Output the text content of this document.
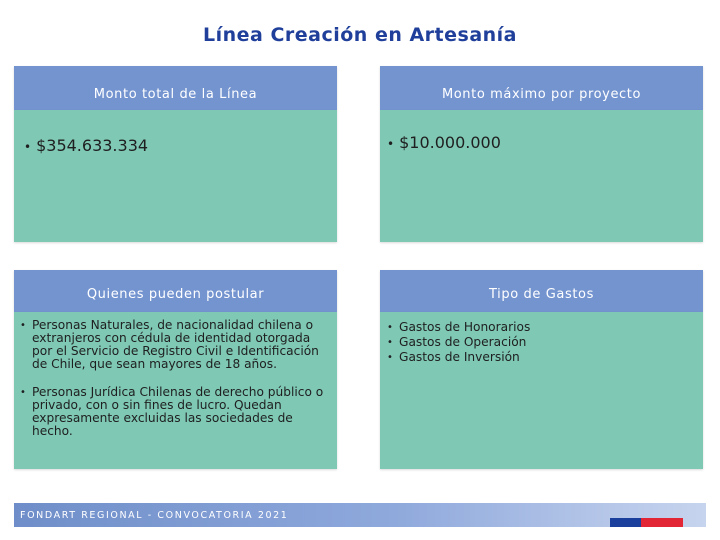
Línea Creación en Artesanía
Monto total de la Línea
• $354.633.334
Monto máximo por proyecto
• $10.000.000
Quienes pueden postular
• Personas Naturales, de nacionalidad chilena o extranjeros con cédula de identidad otorgada por el Servicio de Registro Civil e Identificación de Chile, que sean mayores de 18 años.
• Personas Jurídica Chilenas de derecho público o privado, con o sin fines de lucro. Quedan expresamente excluidas las sociedades de hecho.
Tipo de Gastos
• Gastos de Honorarios
• Gastos de Operación
• Gastos de Inversión
FONDART REGIONAL - CONVOCATORIA 2021
